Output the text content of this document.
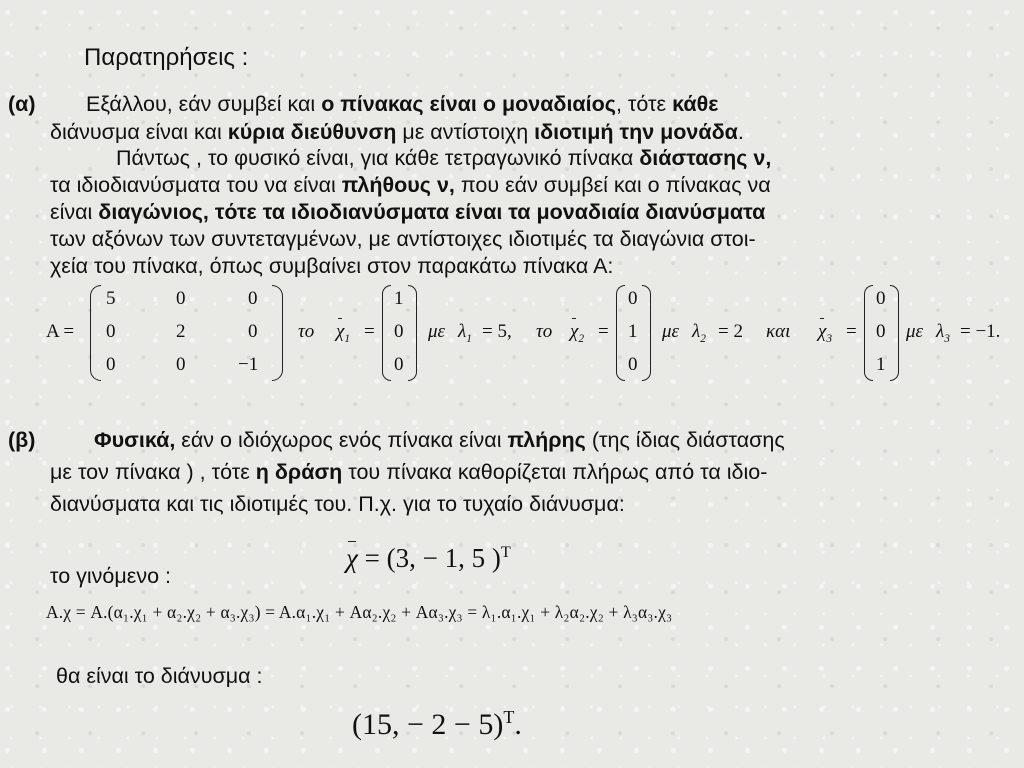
Παρατηρήσεις :
(α) Εξάλλου, εάν συμβεί και ο πίνακας είναι ο μοναδιαίος, τότε κάθε
διάνυσμα είναι και κύρια διεύθυνση με αντίστοιχη ιδιοτιμή την μονάδα.
Πάντως , το φυσικό είναι, για κάθε τετραγωνικό πίνακα διάστασης ν,
τα ιδιοδιανύσματα του να είναι πλήθους ν, που εάν συμβεί και ο πίνακας να
είναι διαγώνιος, τότε τα ιδιοδιανύσματα είναι τα μοναδιαία διανύσματα
των αξόνων των συντεταγμένων, με αντίστοιχες ιδιοτιμές τα διαγώνια στοι-
χεία του πίνακα, όπως συμβαίνει στον παρακάτω πίνακα Α:
A =
5	0	0
0	2	0
0	0	−1
το $\chi_1$ =
1
0
0
με $\lambda_1 = 5$, το $\chi_2$ =
0
1
0
με $\lambda_2 = 2$ και $\chi_3$ =
0
0
1
με $\lambda_3 = -1$.
(β)	Φυσικά, εάν ο ιδιόχωρος ενός πίνακα είναι πλήρης (της ίδιας διάστασης
με τον πίνακα ) , τότε η δράση του πίνακα καθορίζεται πλήρως από τα ιδιο-
διανύσματα και τις ιδιοτιμές του. Π.χ. για το τυχαίο διάνυσμα:
χ = (3, − 1, 5 )$^T$
το γινόμενο :
A.χ = A.(α₁.χ₁ + α₂.χ₂ + α₃.χ₃) = A.α₁.χ₁ + Aα₂.χ₂ + Aα₃.χ₃ = λ₁.α₁.χ₁ + λ₂α₂.χ₂ + λ₃α₃.χ₃
θα είναι το διάνυσμα :
(15, − 2 − 5)$^T$.
